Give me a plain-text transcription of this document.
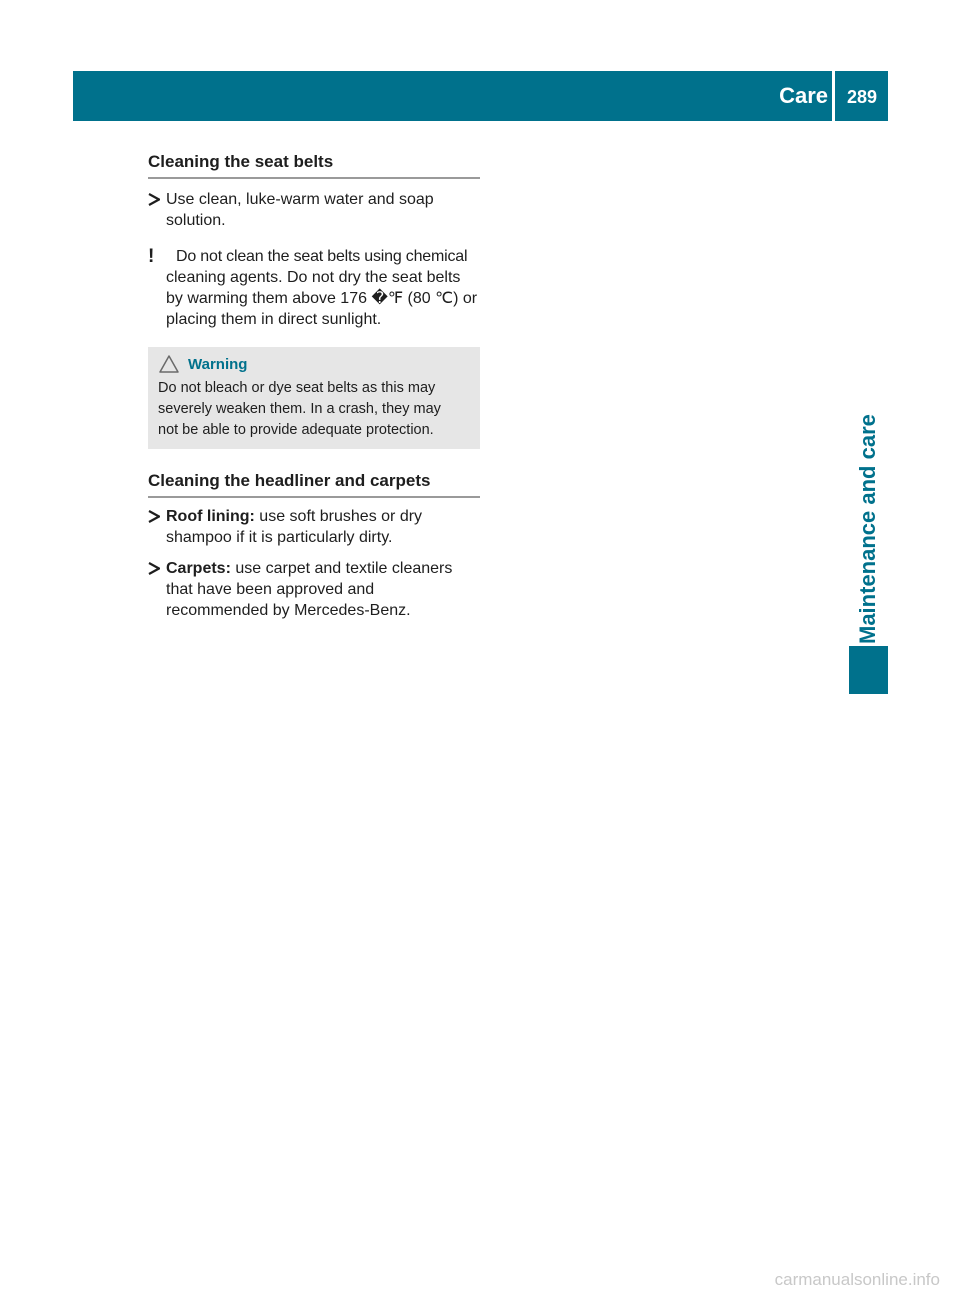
Care	289
Maintenance and care
Cleaning the seat belts
Use clean, luke-warm water and soap
solution.
! Do not clean the seat belts using chemical
cleaning agents. Do not dry the seat belts
by warming them above 176 �℉ (80 ℃) or
placing them in direct sunlight.
Warning
Do not bleach or dye seat belts as this may
severely weaken them. In a crash, they may
not be able to provide adequate protection.
Cleaning the headliner and carpets
Roof lining: use soft brushes or dry
shampoo if it is particularly dirty.
Carpets: use carpet and textile cleaners
that have been approved and
recommended by Mercedes-Benz.
carmanualsonline.info
